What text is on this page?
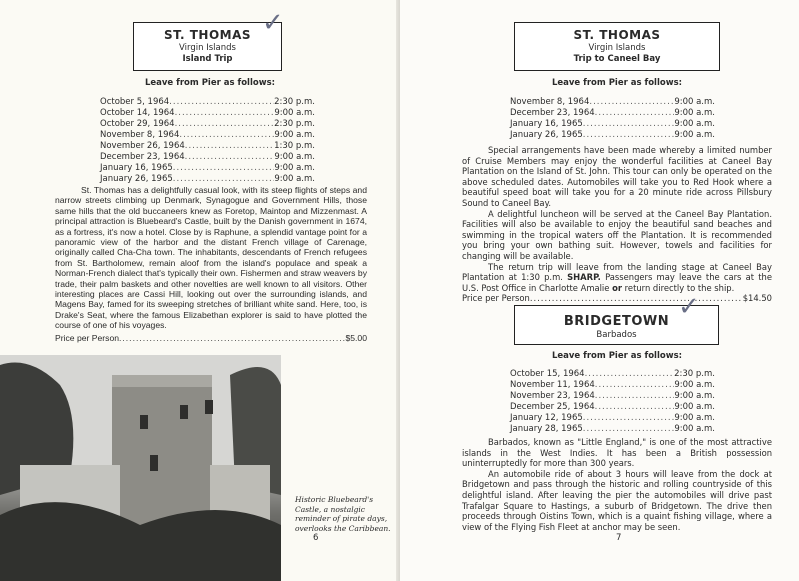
ST. THOMAS
Virgin Islands
Island Trip
✓
Leave from Pier as follows:
October 5, 1964 .....	2:30 p.m.
October 14, 1964 .....	9:00 a.m.
October 29, 1964 .....	2:30 p.m.
November 8, 1964 .....	9:00 a.m.
November 26, 1964 .....	1:30 p.m.
December 23, 1964 .....	9:00 a.m.
January 16, 1965 .....	9:00 a.m.
January 26, 1965 .....	9:00 a.m.

St. Thomas has a delightfully casual look, with its steep flights of steps and narrow streets climbing up Denmark, Synagogue and Government Hills, those same hills that the old buccaneers knew as Foretop, Maintop and Mizzenmast. A principal attraction is Bluebeard's Castle, built by the Danish government in 1674, as a fortress, it's now a hotel. Close by is Raphune, a splendid vantage point for a panoramic view of the harbor and the distant French village of Carenage, originally called Cha-Cha town. The inhabitants, descendants of French refugees from St. Bartholomew, remain aloof from the island's populace and speak a Norman-French dialect that's typically their own. Fishermen and straw weavers by trade, their palm baskets and other novelties are well known to all visitors. Other interesting places are Cassi Hill, looking out over the surrounding islands, and Magens Bay, famed for its sweeping stretches of brilliant white sand. Here, too, is Drake's Seat, where the famous Elizabethan explorer is said to have plotted the course of one of his voyages.

Price per Person .....	$5.00
Historic Bluebeard's Castle, a nostalgic reminder of pirate days, overlooks the Caribbean.
6
ST. THOMAS
Virgin Islands
Trip to Caneel Bay
Leave from Pier as follows:
November 8, 1964 .....	9:00 a.m.
December 23, 1964 .....	9:00 a.m.
January 16, 1965 .....	9:00 a.m.
January 26, 1965 .....	9:00 a.m.

Special arrangements have been made whereby a limited number of Cruise Members may enjoy the wonderful facilities at Caneel Bay Plantation on the Island of St. John. This tour can only be operated on the above scheduled dates. Automobiles will take you to Red Hook where a beautiful speed boat will take you for a 20 minute ride across Pillsbury Sound to Caneel Bay.

A delightful luncheon will be served at the Caneel Bay Plantation. Facilities will also be available to enjoy the beautiful sand beaches and swimming in the tropical waters off the Plantation. It is recommended you bring your own bathing suit. However, towels and facilities for changing will be available.

The return trip will leave from the landing stage at Caneel Bay Plantation at 1:30 p.m. SHARP. Passengers may leave the cars at the U.S. Post Office in Charlotte Amalie or return directly to the ship.

Price per Person .....	$14.50
BRIDGETOWN
Barbados
✓
Leave from Pier as follows:
October 15, 1964 .....	2:30 p.m.
November 11, 1964 .....	9:00 a.m.
November 23, 1964 .....	9:00 a.m.
December 25, 1964 .....	9:00 a.m.
January 12, 1965 .....	9:00 a.m.
January 28, 1965 .....	9:00 a.m.

Barbados, known as "Little England," is one of the most attractive islands in the West Indies. It has been a British possession uninterruptedly for more than 300 years.

An automobile ride of about 3 hours will leave from the dock at Bridgetown and pass through the historic and rolling countryside of this delightful island. After leaving the pier the automobiles will drive past Trafalgar Square to Hastings, a suburb of Bridgetown. The drive then proceeds through Oistins Town, which is a quaint fishing village, where a view of the Flying Fish Fleet at anchor may be seen.

7
